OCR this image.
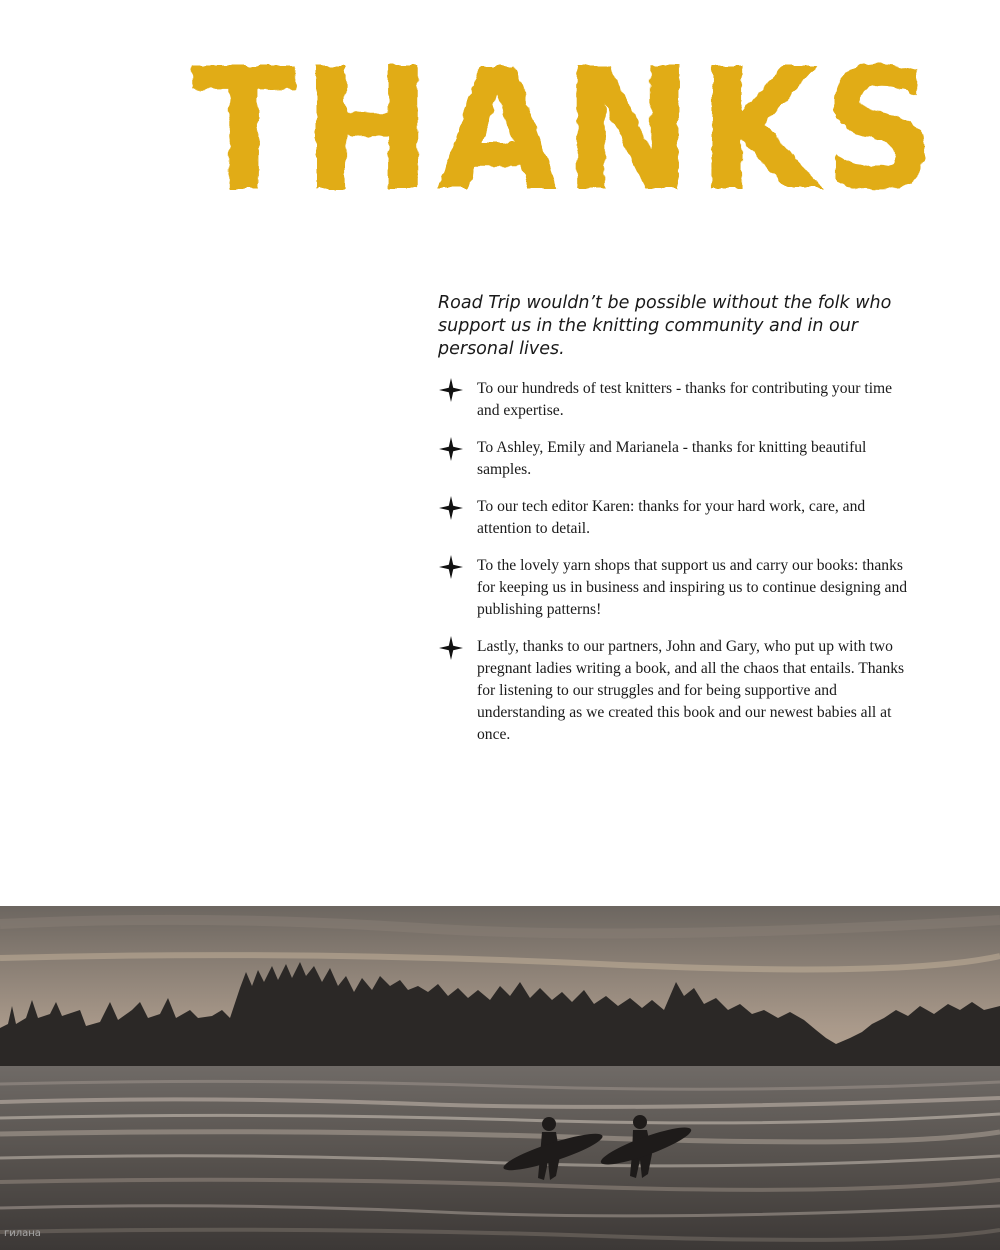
THANKS

Road Trip wouldn’t be possible without the folk who support us in the knitting community and in our personal lives.

To our hundreds of test knitters - thanks for contributing your time and expertise.
To Ashley, Emily and Marianela - thanks for knitting beautiful samples.
To our tech editor Karen: thanks for your hard work, care, and attention to detail.
To the lovely yarn shops that support us and carry our books: thanks for keeping us in business and inspiring us to continue designing and publishing patterns!
Lastly, thanks to our partners, John and Gary, who put up with two pregnant ladies writing a book, and all the chaos that entails. Thanks for listening to our struggles and for being supportive and understanding as we created this book and our newest babies all at once.
гилана
